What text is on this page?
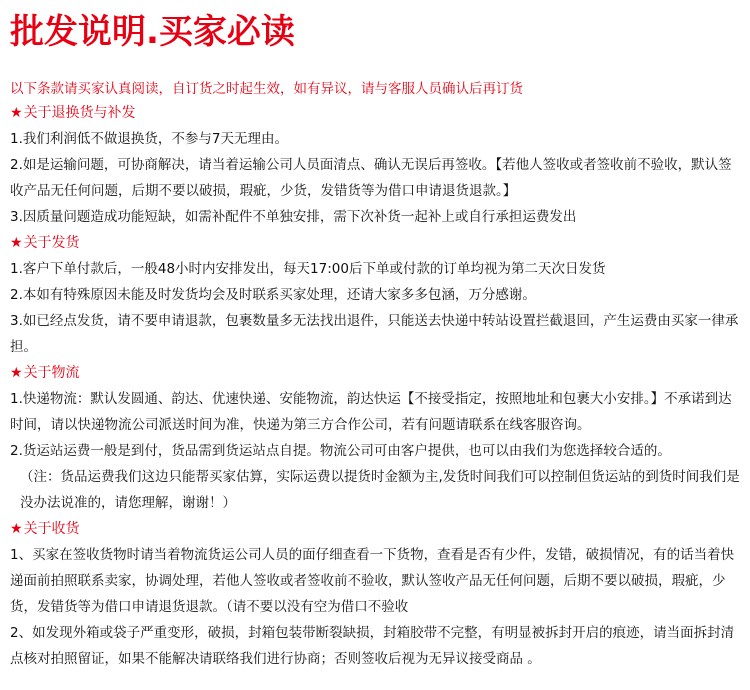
批发说明.买家必读
以下条款请买家认真阅读，自订货之时起生效，如有异议，请与客服人员确认后再订货
★关于退换货与补发

1.我们利润低不做退换货，不参与7天无理由。

2.如是运输问题，可协商解决，请当着运输公司人员面清点、确认无误后再签收。【若他人签收或者签收前不验收，默认签收产品无任何问题，后期不要以破损，瑕疵，少货，发错货等为借口申请退货退款。】

3.因质量问题造成功能短缺，如需补配件不单独安排，需下次补货一起补上或自行承担运费发出

★关于发货

1.客户下单付款后，一般48小时内安排发出，每天17:00后下单或付款的订单均视为第二天次日发货

2.本如有特殊原因未能及时发货均会及时联系买家处理，还请大家多多包涵，万分感谢。

3.如已经点发货，请不要申请退款，包裹数量多无法找出退件，只能送去快递中转站设置拦截退回，产生运费由买家一律承担。

★关于物流

1.快递物流：默认发圆通、韵达、优速快递、安能物流，韵达快运【不接受指定，按照地址和包裹大小安排。】不承诺到达时间，请以快递物流公司派送时间为准，快递为第三方合作公司，若有问题请联系在线客服咨询。

2.货运站运费一般是到付，货品需到货运站点自提。物流公司可由客户提供，也可以由我们为您选择较合适的。

（注：货品运费我们这边只能帮买家估算，实际运费以提货时金额为主,发货时间我们可以控制但货运站的到货时间我们是没办法说准的，请您理解，谢谢！）

★关于收货

1、买家在签收货物时请当着物流货运公司人员的面仔细查看一下货物，查看是否有少件，发错，破损情况，有的话当着快递面前拍照联系卖家，协调处理，若他人签收或者签收前不验收，默认签收产品无任何问题，后期不要以破损，瑕疵，少货，发错货等为借口申请退货退款。（请不要以没有空为借口不验收

2、如发现外箱或袋子严重变形，破损，封箱包装带断裂缺损，封箱胶带不完整，有明显被拆封开启的痕迹，请当面拆封清点核对拍照留证，如果不能解决请联络我们进行协商；否则签收后视为无异议接受商品 。
